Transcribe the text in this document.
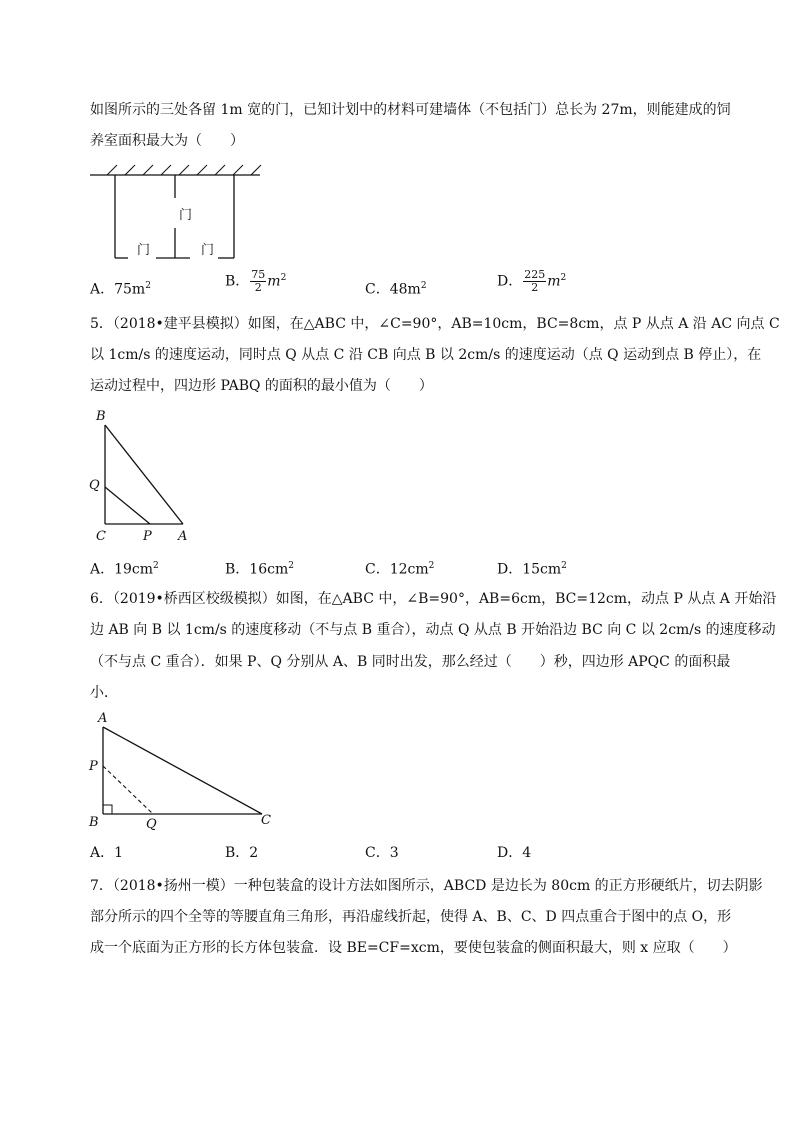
如图所示的三处各留 1m 宽的门，已知计划中的材料可建墙体（不包括门）总长为 27m，则能建成的饲
养室面积最大为（　　）
门
门	门
A．$75m^2$	B． $\frac{75}{2} m^2$
C．$48m^2$	D． $\frac{225}{2} m^2$
5．（2018•建平县模拟）如图，在△ABC 中，∠C=90°，AB=10cm，BC=8cm，点 P 从点 A 沿 AC 向点 C
以 1cm/s 的速度运动，同时点 Q 从点 C 沿 CB 向点 B 以 2cm/s 的速度运动（点 Q 运动到点 B 停止），在
运动过程中，四边形 PABQ 的面积的最小值为（　　）
B
Q
C	P A
A．$19cm^2$	B．$16cm^2$	C．$12cm^2$	D．$15cm^2$
6．（2019•桥西区校级模拟）如图，在△ABC 中，∠B=90°，AB=6cm，BC=12cm，动点 P 从点 A 开始沿
边 AB 向 B 以 1cm/s 的速度移动（不与点 B 重合），动点 Q 从点 B 开始沿边 BC 向 C 以 2cm/s 的速度移动
（不与点 C 重合）．如果 P、Q 分别从 A、B 同时出发，那么经过（　　）秒，四边形 APQC 的面积最
小．
A
P
B	Q	C
A．1	B．2	C．3	D．4
7．（2018•扬州一模）一种包装盒的设计方法如图所示，ABCD 是边长为 80cm 的正方形硬纸片，切去阴影
部分所示的四个全等的等腰直角三角形，再沿虚线折起，使得 A、B、C、D 四点重合于图中的点 O，形
成一个底面为正方形的长方体包装盒．设 BE=CF=xcm，要使包装盒的侧面积最大，则 x 应取（　　）
